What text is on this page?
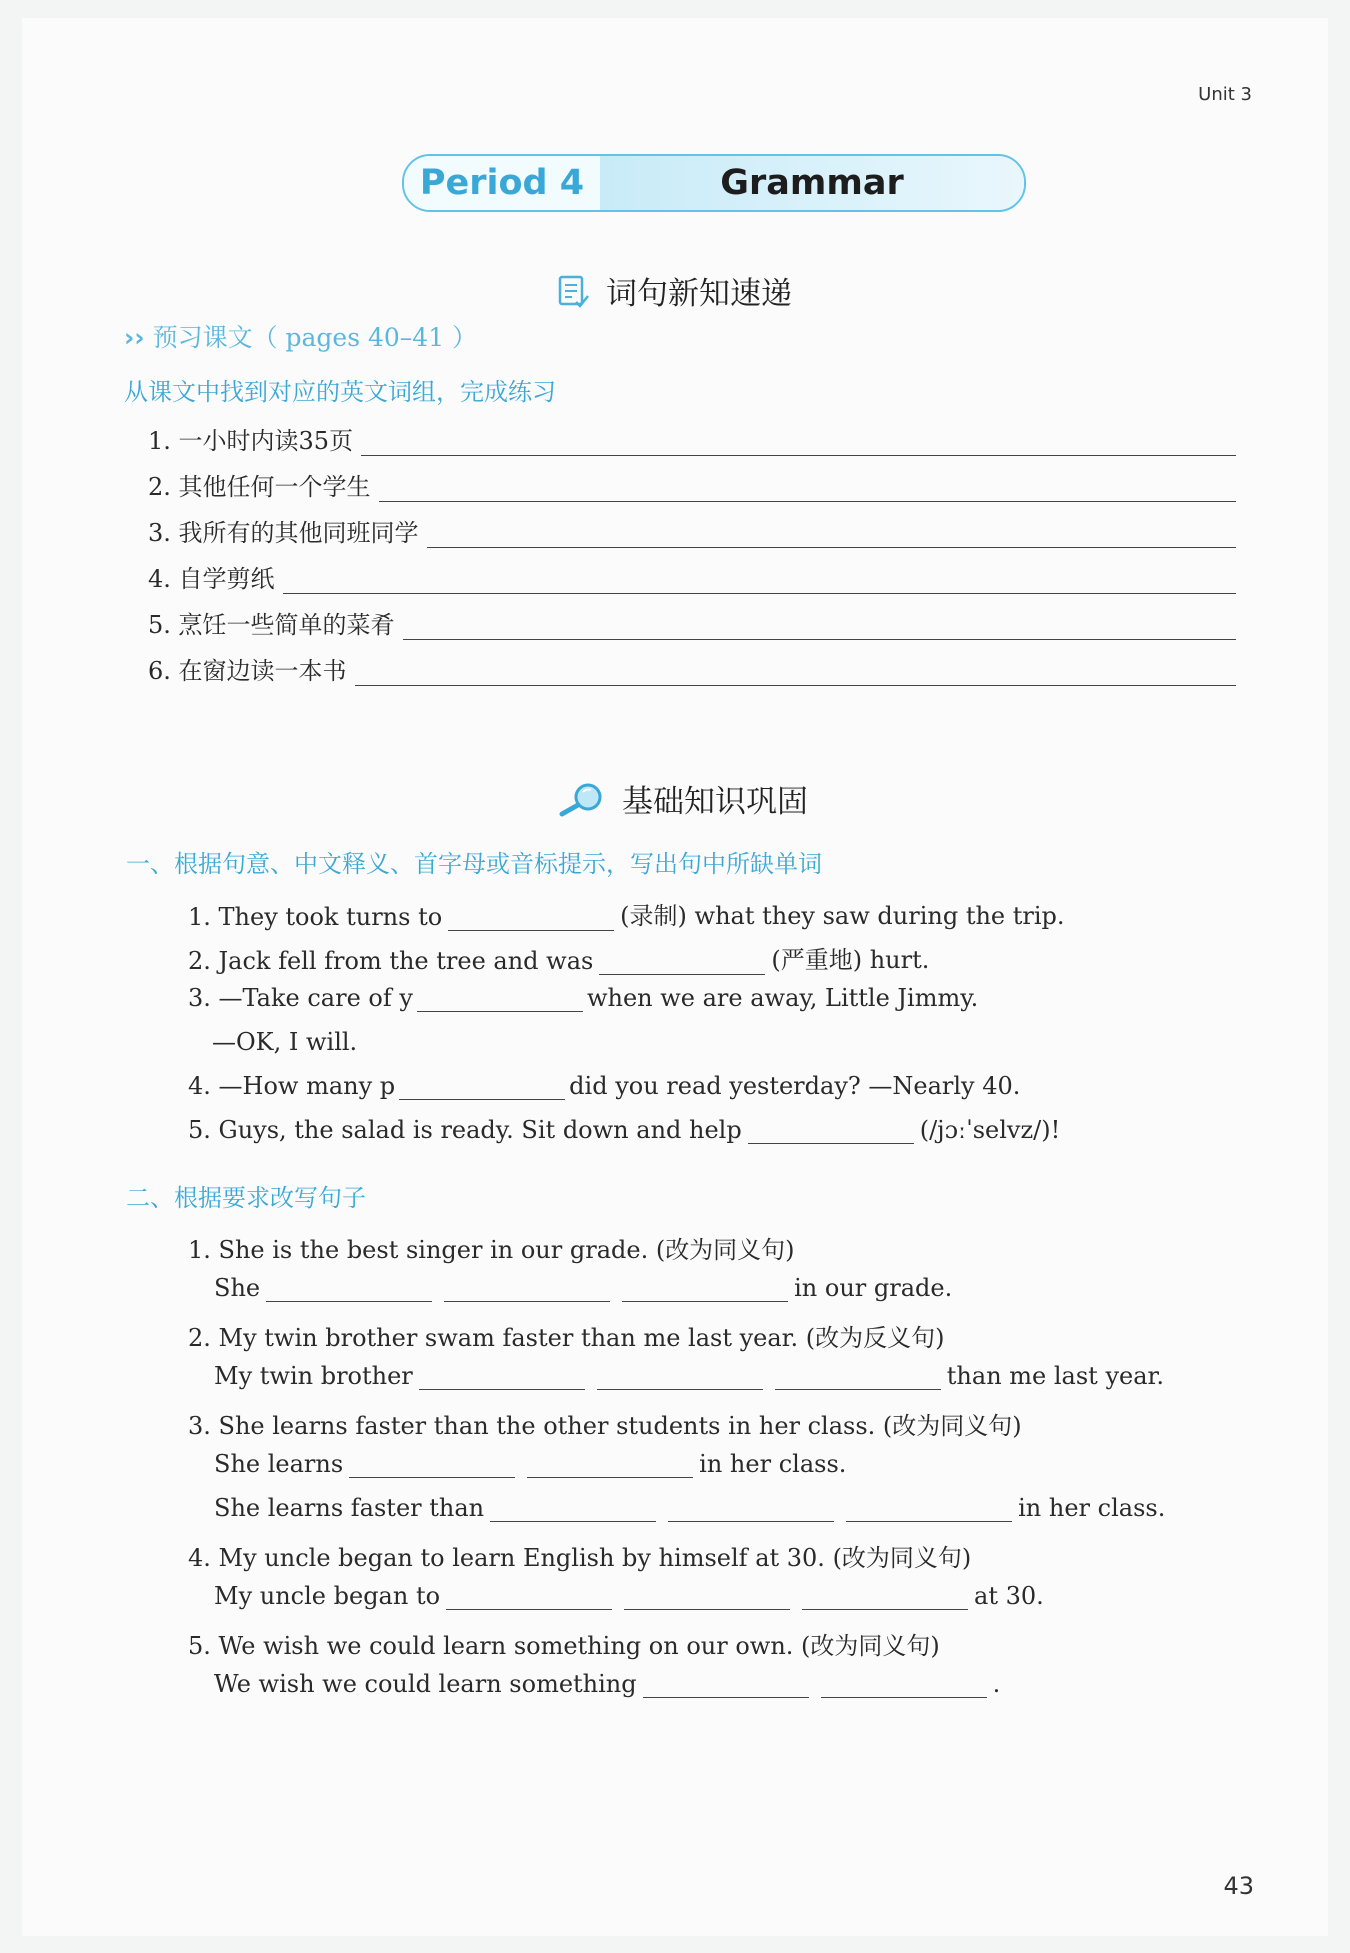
Unit 3
Period 4	Grammar
词句新知速递
›› 预习课文（ pages 40–41 ）
从课文中找到对应的英文词组，完成练习
1. 一小时内读35页
2. 其他任何一个学生
3. 我所有的其他同班同学
4. 自学剪纸
5. 烹饪一些简单的菜肴
6. 在窗边读一本书
基础知识巩固
一、根据句意、中文释义、首字母或音标提示，写出句中所缺单词
1. They took turns to	(录制) what they saw during the trip.
2. Jack fell from the tree and was	(严重地) hurt.
3. —Take care of y	when we are away, Little Jimmy.
—OK, I will.
4. —How many p	did you read yesterday? —Nearly 40.
5. Guys, the salad is ready. Sit down and help	(/jɔːˈselvz/)!
二、根据要求改写句子
1. She is the best singer in our grade. (改为同义句)
She	in our grade.
2. My twin brother swam faster than me last year. (改为反义句)
My twin brother	than me last year.
3. She learns faster than the other students in her class. (改为同义句)
She learns	in her class.
She learns faster than	in her class.
4. My uncle began to learn English by himself at 30. (改为同义句)
My uncle began to	at 30.
5. We wish we could learn something on our own. (改为同义句)
We wish we could learn something	.
43
